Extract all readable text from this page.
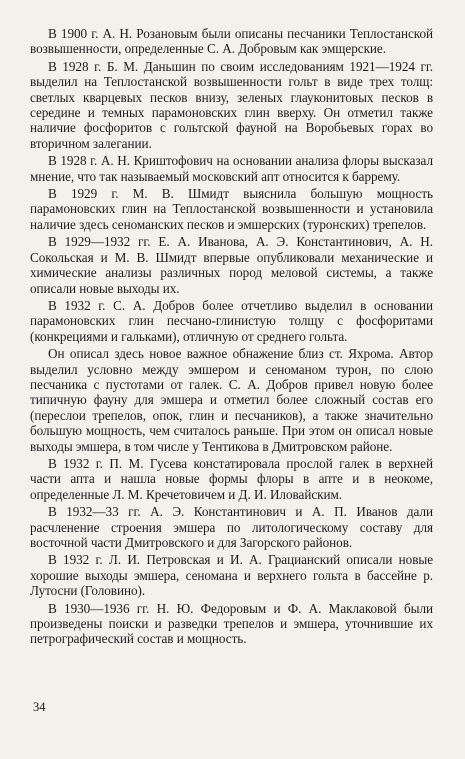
В 1900 г. А. Н. Розановым были описаны песчаники Теплостанской возвышенности, определенные С. А. Добровым как эмщерские.

В 1928 г. Б. М. Даньшин по своим исследованиям 1921—1924 гг. выделил на Теплостанской возвышенности гольт в виде трех толщ: светлых кварцевых песков внизу, зеленых глауконитовых песков в середине и темных парамоновских глин вверху. Он отметил также наличие фосфоритов с гольтской фауной на Воробьевых горах во вторичном залегании.

В 1928 г. А. Н. Криштофович на основании анализа флоры высказал мнение, что так называемый московский апт относится к баррему.

В 1929 г. М. В. Шмидт выяснила большую мощность парамоновских глин на Теплостанской возвышенности и установила наличие здесь сеноманских песков и эмшерских (туронских) трепелов.

В 1929—1932 гг. Е. А. Иванова, А. Э. Константинович, А. Н. Сокольская и М. В. Шмидт впервые опубликовали механические и химические анализы различных пород меловой системы, а также описали новые выходы их.

В 1932 г. С. А. Добров более отчетливо выделил в основании парамоновских глин песчано-глинистую толщу с фосфоритами (конкрециями и гальками), отличную от среднего гольта.

Он описал здесь новое важное обнажение близ ст. Яхрома. Автор выделил условно между эмшером и сеноманом турон, по слою песчаника с пустотами от галек. С. А. Добров привел новую более типичную фауну для эмшера и отметил более сложный состав его (переслои трепелов, опок, глин и песчаников), а также значительно большую мощность, чем считалось раньше. При этом он описал новые выходы эмшера, в том числе у Тентикова в Дмитровском районе.

В 1932 г. П. М. Гусева констатировала прослой галек в верхней части апта и нашла новые формы флоры в апте и в неокоме, определенные Л. М. Кречетовичем и Д. И. Иловайским.

В 1932—33 гг. А. Э. Константинович и А. П. Иванов дали расчленение строения эмшера по литологическому составу для восточной части Дмитровского и для Загорского районов.

В 1932 г. Л. И. Петровская и И. А. Грацианский описали новые хорошие выходы эмшера, сеномана и верхнего гольта в бассейне р. Лутосни (Головино).

В 1930—1936 гг. Н. Ю. Федоровым и Ф. А. Маклаковой были произведены поиски и разведки трепелов и эмшера, уточнившие их петрографический состав и мощность.

34
